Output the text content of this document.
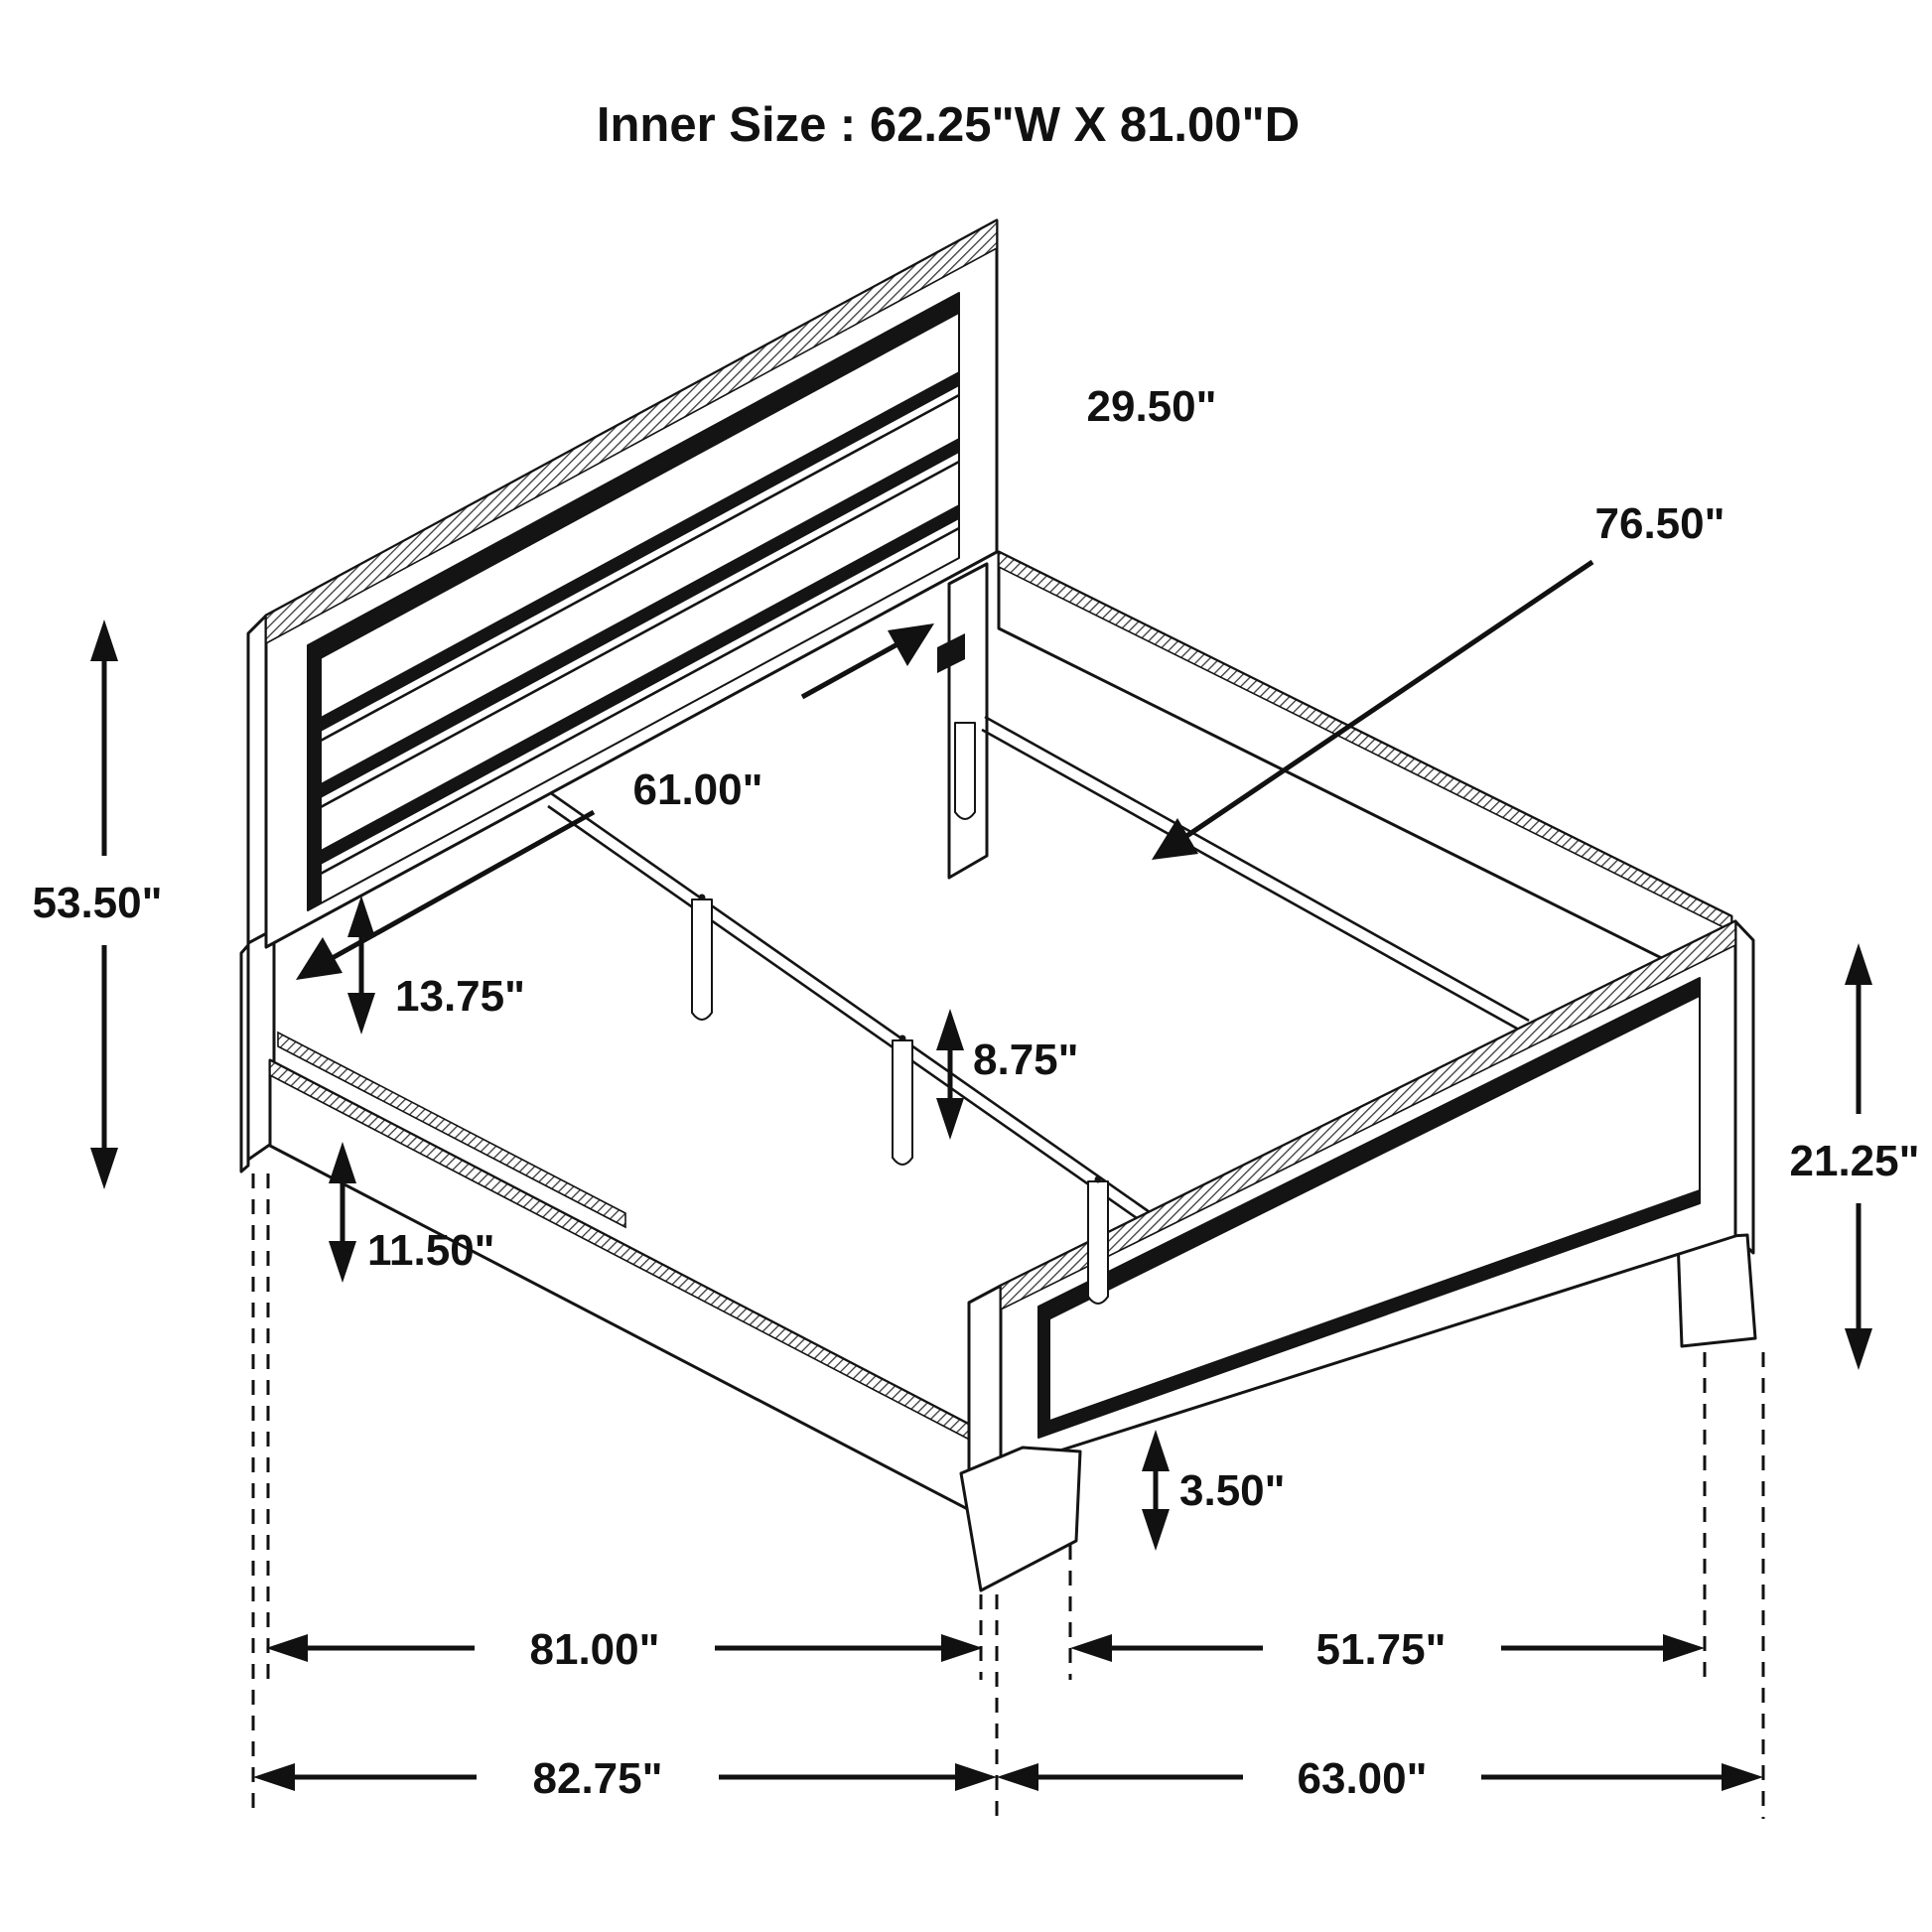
Inner Size : 62.25"W X 81.00"D
53.50"
29.50"
61.00"
76.50"
13.75"
8.75"
11.50"
21.25"
3.50"
81.00"	51.75"
82.75"	63.00"
